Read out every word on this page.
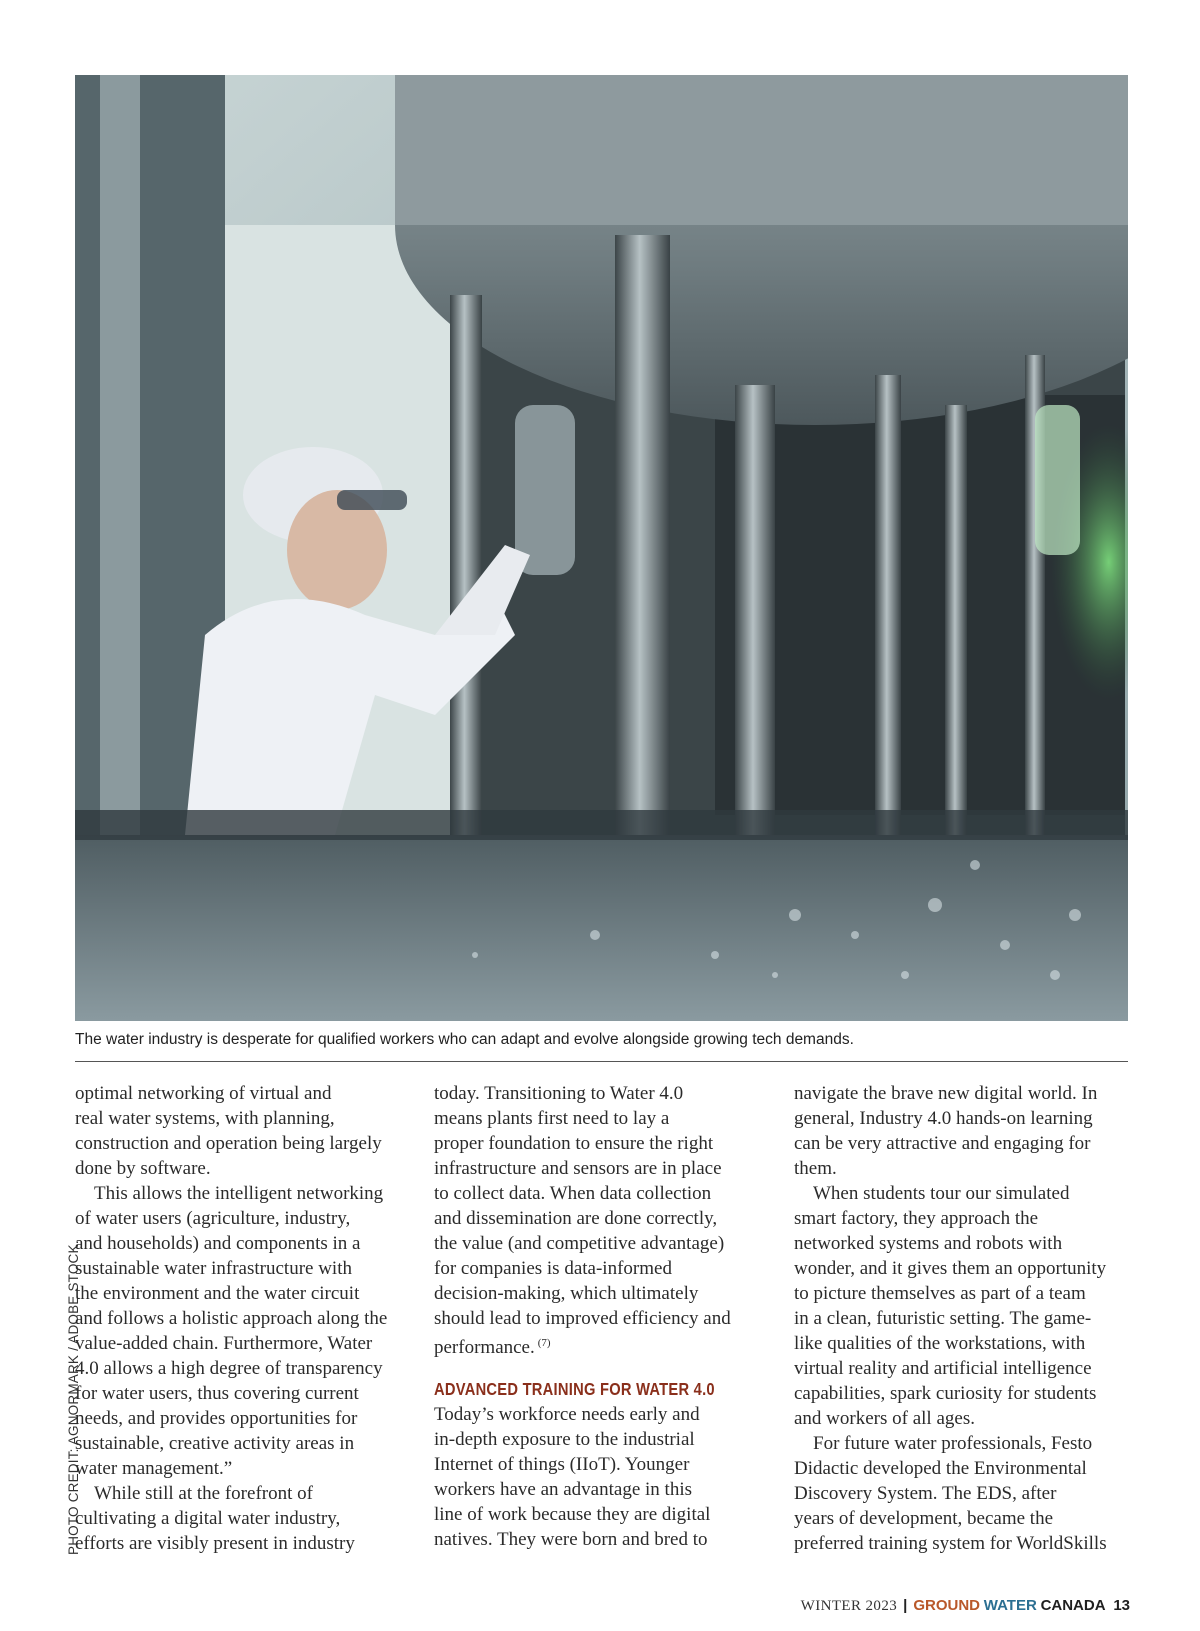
The water industry is desperate for qualified workers who can adapt and evolve alongside growing tech demands.
PHOTO CREDIT: AGNORMARK / ADOBE STOCK.

optimal networking of virtual and

real water systems, with planning,

construction and operation being largely

done by software.

This allows the intelligent networking

of water users (agriculture, industry,

and households) and components in a

sustainable water infrastructure with

the environment and the water circuit

and follows a holistic approach along the

value-added chain. Furthermore, Water

4.0 allows a high degree of transparency

for water users, thus covering current

needs, and provides opportunities for

sustainable, creative activity areas in

water management.”

While still at the forefront of

cultivating a digital water industry,

efforts are visibly present in industry

today. Transitioning to Water 4.0

means plants first need to lay a

proper foundation to ensure the right

infrastructure and sensors are in place

to collect data. When data collection

and dissemination are done correctly,

the value (and competitive advantage)

for companies is data-informed

decision-making, which ultimately

should lead to improved efficiency and

performance. $^{(7)}$

ADVANCED TRAINING FOR WATER 4.0

Today’s workforce needs early and

in-depth exposure to the industrial

Internet of things (IIoT). Younger

workers have an advantage in this

line of work because they are digital

natives. They were born and bred to

navigate the brave new digital world. In

general, Industry 4.0 hands-on learning

can be very attractive and engaging for

them.

When students tour our simulated

smart factory, they approach the

networked systems and robots with

wonder, and it gives them an opportunity

to picture themselves as part of a team

in a clean, futuristic setting. The game-

like qualities of the workstations, with

virtual reality and artificial intelligence

capabilities, spark curiosity for students

and workers of all ages.

For future water professionals, Festo

Didactic developed the Environmental

Discovery System. The EDS, after

years of development, became the

preferred training system for WorldSkills

WINTER 2023 | GROUND WATER CANADA 13
